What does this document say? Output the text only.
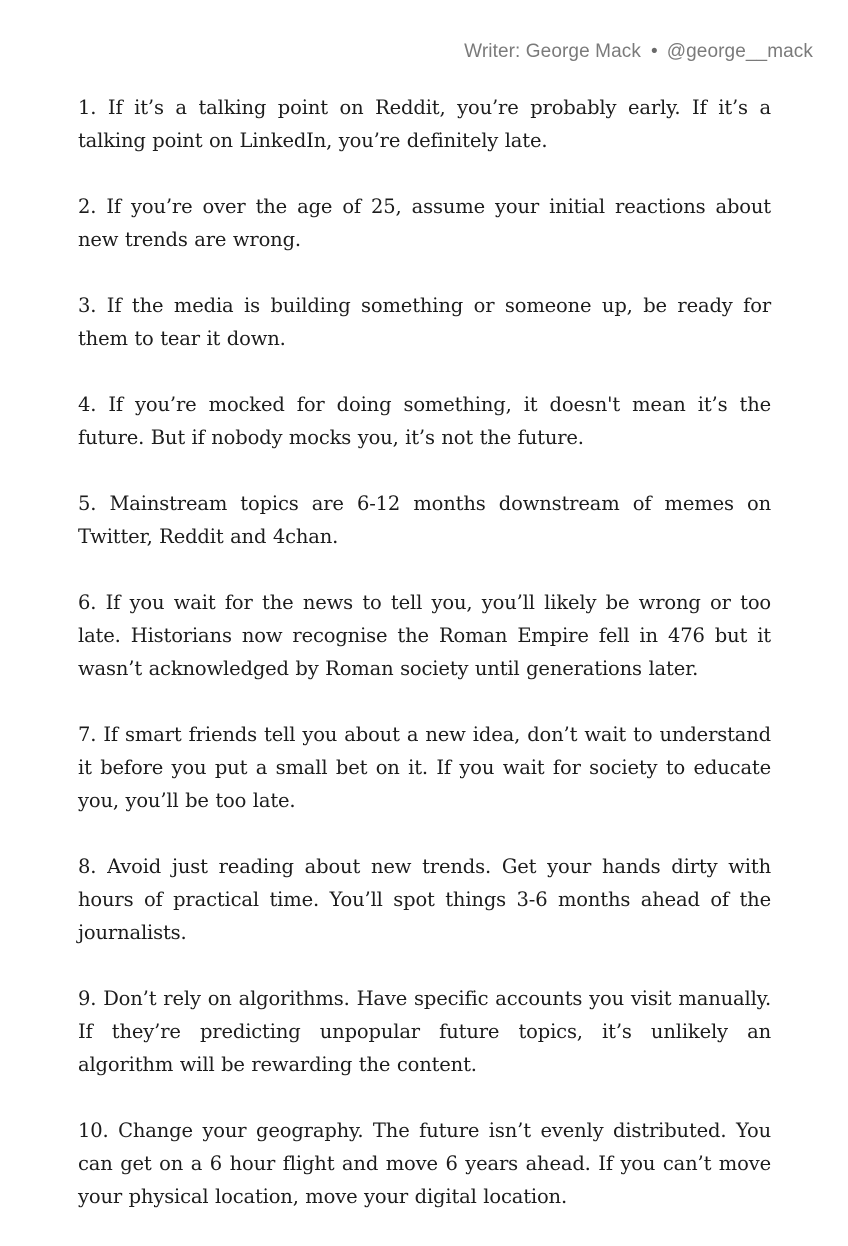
Writer: George Mack • @george__mack

1. If it’s a talking point on Reddit, you’re probably early. If it’s a talking point on LinkedIn, you’re definitely late.

2. If you’re over the age of 25, assume your initial reactions about new trends are wrong.

3. If the media is building something or someone up, be ready for them to tear it down.

4. If you’re mocked for doing something, it doesn't mean it’s the future. But if nobody mocks you, it’s not the future.

5. Mainstream topics are 6-12 months downstream of memes on Twitter, Reddit and 4chan.

6. If you wait for the news to tell you, you’ll likely be wrong or too late. Historians now recognise the Roman Empire fell in 476 but it wasn’t acknowledged by Roman society until generations later.

7. If smart friends tell you about a new idea, don’t wait to understand it before you put a small bet on it. If you wait for society to educate you, you’ll be too late.

8. Avoid just reading about new trends. Get your hands dirty with hours of practical time. You’ll spot things 3-6 months ahead of the journalists.

9. Don’t rely on algorithms. Have specific accounts you visit manually. If they’re predicting unpopular future topics, it’s unlikely an algorithm will be rewarding the content.

10. Change your geography. The future isn’t evenly distributed. You can get on a 6 hour flight and move 6 years ahead. If you can’t move your physical location, move your digital location.
